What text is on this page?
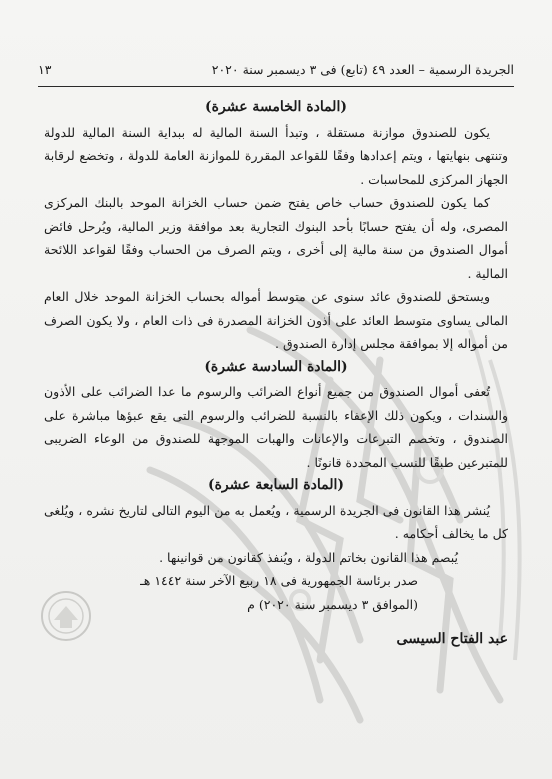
الجريدة الرسمية – العدد ٤٩ (تابع) فى ٣ ديسمبر سنة ٢٠٢٠
١٣

(المادة الخامسة عشرة)

يكون للصندوق موازنة مستقلة ، وتبدأ السنة المالية له ببداية السنة المالية للدولة وتنتهى بنهايتها ، ويتم إعدادها وفقًا للقواعد المقررة للموازنة العامة للدولة ، وتخضع لرقابة الجهاز المركزى للمحاسبات .

كما يكون للصندوق حساب خاص يفتح ضمن حساب الخزانة الموحد بالبنك المركزى المصرى، وله أن يفتح حسابًا بأحد البنوك التجارية بعد موافقة وزير المالية، ويُرحل فائض أموال الصندوق من سنة مالية إلى أخرى ، ويتم الصرف من الحساب وفقًا لقواعد اللائحة المالية .

ويستحق للصندوق عائد سنوى عن متوسط أمواله بحساب الخزانة الموحد خلال العام المالى يساوى متوسط العائد على أذون الخزانة المصدرة فى ذات العام ، ولا يكون الصرف من أمواله إلا بموافقة مجلس إدارة الصندوق .

(المادة السادسة عشرة)

تُعفى أموال الصندوق من جميع أنواع الضرائب والرسوم ما عدا الضرائب على الأذون والسندات ، ويكون ذلك الإعفاء بالنسبة للضرائب والرسوم التى يقع عبؤها مباشرة على الصندوق ، وتخصم التبرعات والإعانات والهبات الموجهة للصندوق من الوعاء الضريبى للمتبرعين طبقًا للنسب المحددة قانونًا .

(المادة السابعة عشرة)

يُنشر هذا القانون فى الجريدة الرسمية ، ويُعمل به من اليوم التالى لتاريخ نشره ، ويُلغى كل ما يخالف أحكامه .

يُبصم هذا القانون بخاتم الدولة ، ويُنفذ كقانون من قوانينها .

صدر برئاسة الجمهورية فى ١٨ ربيع الآخر سنة ١٤٤٢ هـ

(الموافق ٣ ديسمبر سنة ٢٠٢٠) م

عبد الفتاح السيسى
